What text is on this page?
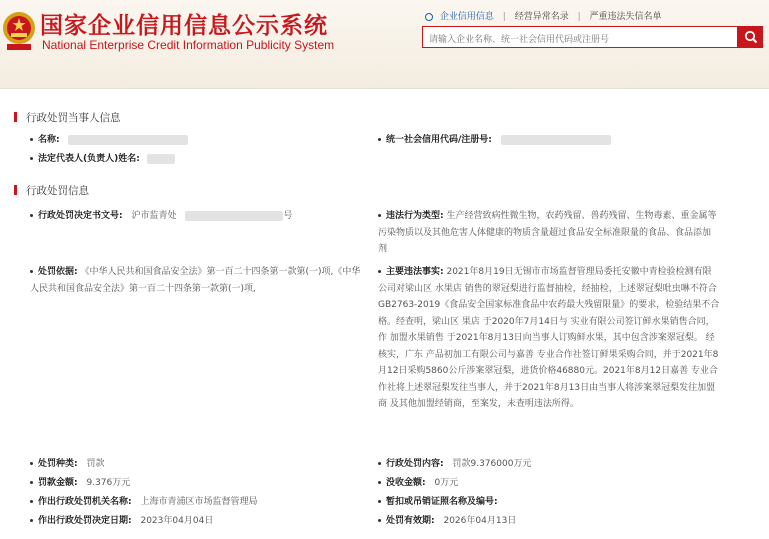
国家企业信用信息公示系统
National Enterprise Credit Information Publicity System
企业信用信息 | 经营异常名录 | 严重违法失信名单
请输入企业名称、统一社会信用代码或注册号
行政处罚当事人信息
名称:	统一社会信用代码/注册号:
法定代表人(负责人)姓名:
行政处罚信息
行政处罚决定书文号: 沪市监青处	号	违法行为类型: 生产经营致病性微生物，农药残留、兽药残留、生物毒素、重金属等污染物质以及其他危害人体健康的物质含量超过食品安全标准限量的食品、食品添加剂
处罚依据: 《中华人民共和国食品安全法》第一百二十四条第一款第(一)项,《中华人民共和国食品安全法》第一百二十四条第一款第(一)项,
主要违法事实: 2021年8月19日无锡市市场监督管理局委托安徽中青检验检测有限公司对梁山区 水果店 销售的翠冠梨进行监督抽检，经抽检，上述翠冠梨吡虫啉不符合GB2763-2019《食品安全国家标准食品中农药最大残留限量》的要求，检验结果不合格。经查明，梁山区 果店 于2020年7月14日与 实业有限公司签订鲜水果销售合同，作 加盟水果销售 于2021年8月13日向当事人订购鲜水果，其中包含涉案翠冠梨。 经核实，广东 产品初加工有限公司与嘉善 专业合作社签订鲜果采购合同，并于2021年8月12日采购5860公斤涉案翠冠梨，进货价格46880元。2021年8月12日嘉善 专业合作社将上述翠冠梨发往当事人，并于2021年8月13日由当事人将涉案翠冠梨发往加盟商 及其他加盟经销商，至案发，未查明违法所得。
处罚种类: 罚款	行政处罚内容: 罚款9.376000万元
罚款金额: 9.376万元	没收金额: 0万元
作出行政处罚机关名称: 上海市青浦区市场监督管理局	暂扣或吊销证照名称及编号:
作出行政处罚决定日期: 2023年04月04日	处罚有效期: 2026年04月13日
